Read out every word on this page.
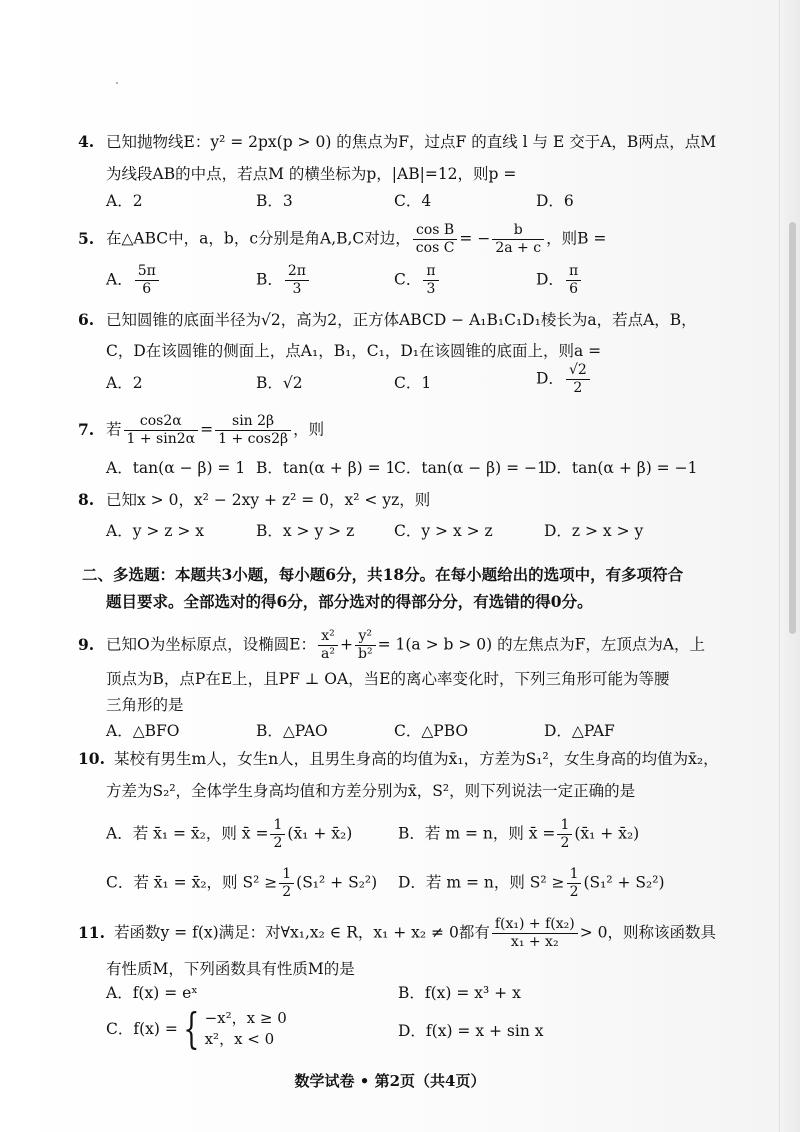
4. 已知抛物线E：y² = 2px(p > 0) 的焦点为F，过点F 的直线 l 与 E 交于A，B两点，点M
为线段AB的中点，若点M 的横坐标为p，|AB|=12，则p =
A．2	B．3	C．4	D．6
5. 在△ABC中，a，b，c分别是角A,B,C对边， $\frac{\text{cos B}}{\text{cos C}}$ = − $\frac{b}{2a + c}$ ，则B =
A． $\frac{5\pi}{6}$	B． $\frac{2\pi}{3}$	C． $\frac{\pi}{3}$	D． $\frac{\pi}{6}$
6. 已知圆锥的底面半径为√2，高为2，正方体ABCD − A₁B₁C₁D₁棱长为a，若点A，B，
C，D在该圆锥的侧面上，点A₁，B₁，C₁，D₁在该圆锥的底面上，则a =
A．2	B．√2	C．1	D． $\frac{√2}{2}$
7. 若 $\frac{\cos 2\alpha}{1 + \sin 2\alpha} = \frac{\sin 2\beta}{1 + \cos 2\beta}$ ，则
A．tan(α − β) = 1 B．tan(α + β) = 1
C．tan(α − β) = −1
D．tan(α + β) = −1
8. 已知x > 0，x² − 2xy + z² = 0，x² < yz，则
A．y > z > x	B．x > y > z	C．y > x > z	D．z > x > y
二、多选题：本题共3小题，每小题6分，共18分。在每小题给出的选项中，有多项符合
题目要求。全部选对的得6分，部分选对的得部分分，有选错的得0分。
9. 已知O为坐标原点，设椭圆E： $\frac{\text{x²}}{\text{a²}} + \frac{\text{y²}}{\text{b²}} = 1(a > b > 0)$ 的左焦点为F，左顶点为A，上
顶点为B，点P在E上，且PF ⊥ OA，当E的离心率变化时，下列三角形可能为等腰
三角形的是
A．△BFO	B．△PAO	C．△PBO	D．△PAF
10. 某校有男生m人，女生n人，且男生身高的均值为x̄₁，方差为S₁²，女生身高的均值为x̄₂，
方差为S₂²，全体学生身高均值和方差分别为x̄，S²，则下列说法一定正确的是
A．若 x̄₁ = x̄₂，则 x̄ = $\frac{1}{2}$ (x̄₁ + x̄₂)	B．若 m = n，则 x̄ = $\frac{1}{2}$ (x̄₁ + x̄₂)
C．若 x̄₁ = x̄₂，则 $S^2 \ge \frac{1}{2} (S_1^2 + S_2^2)$ D．若 m = n，则 $S^2 \ge \frac{1}{2} (S_1^2 + S_2^2)$
11. 若函数y = f(x)满足：对∀x₁,x₂ ∈ R，x₁ + x₂ ≠ 0都有 $\frac{\text{f(x₁) + f(x₂)}}{\text{x₁ + x₂}} > 0$，则称该函数具
有性质M，下列函数具有性质M的是
A．f(x) = eˣ	B．f(x) = x³ + x
C．f(x) = { −x²，x ≥ 0
x²，x < 0	D．f(x) = x + sin x
数学试卷 • 第2页（共4页）
